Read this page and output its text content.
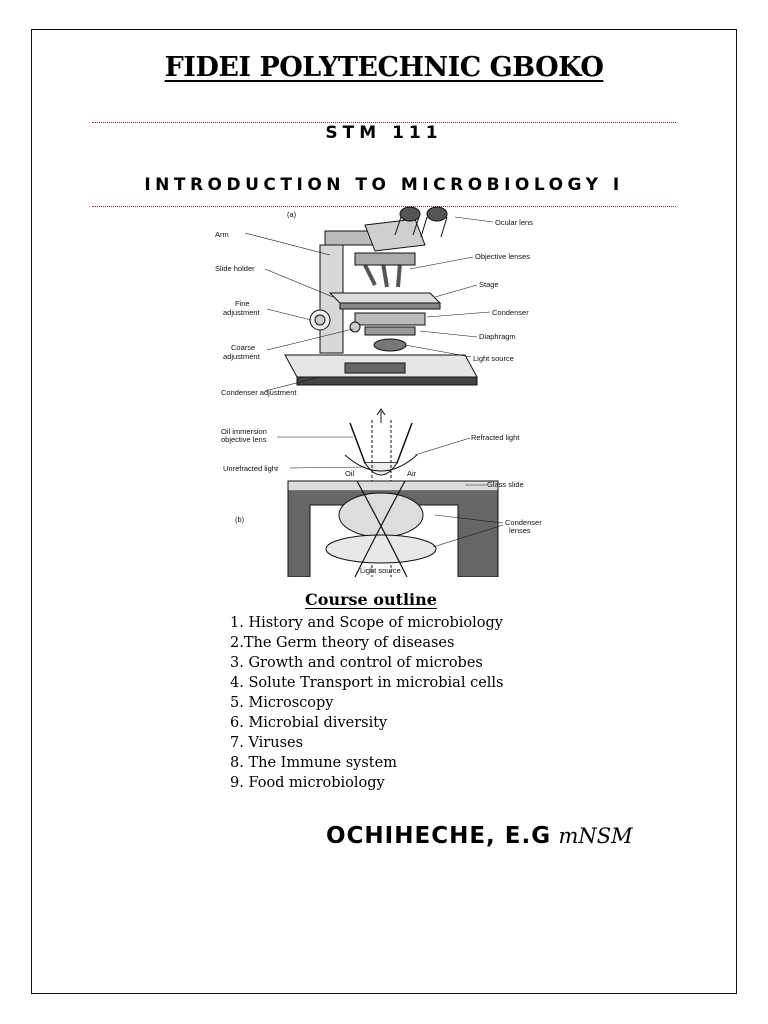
FIDEI POLYTECHNIC GBOKO
STM 111
INTRODUCTION TO MICROBIOLOGY I
(a)
Arm
Slide holder
Fine
adjustment
Coarse
adjustment
Condenser adjustment
Ocular lens
Objective lenses
Stage
Condenser
Diaphragm
Light source
Oil immersion
objective lens
Unrefracted light
Refracted light
Oil	Air
Glass slide
(b)	Condenser
lenses
Light source
Course outline
1. History and Scope of microbiology
2.The Germ theory of diseases
3. Growth and control of microbes
4. Solute Transport in microbial cells
5. Microscopy
6. Microbial diversity
7. Viruses
8. The Immune system
9. Food microbiology
OCHIHECHE, E.G mNSM
